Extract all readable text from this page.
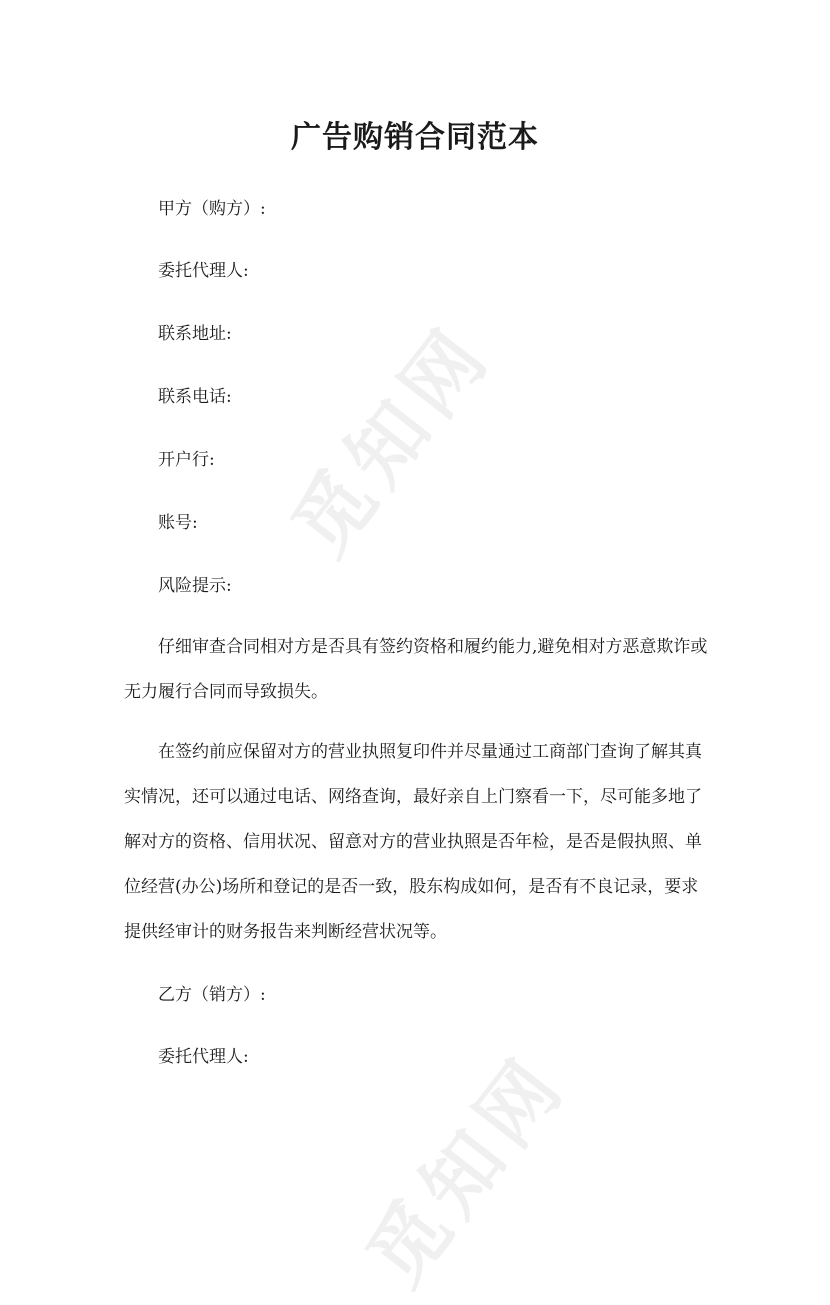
觅知网
觅知网
广告购销合同范本

甲方（购方）:

委托代理人:

联系地址:

联系电话:

开户行:

账号:

风险提示:

仔细审查合同相对方是否具有签约资格和履约能力,避免相对方恶意欺诈或无力履行合同而导致损失。

在签约前应保留对方的营业执照复印件并尽量通过工商部门查询了解其真实情况，还可以通过电话、网络查询，最好亲自上门察看一下，尽可能多地了解对方的资格、信用状况、留意对方的营业执照是否年检，是否是假执照、单位经营(办公)场所和登记的是否一致，股东构成如何，是否有不良记录，要求提供经审计的财务报告来判断经营状况等。

乙方（销方）:

委托代理人:
